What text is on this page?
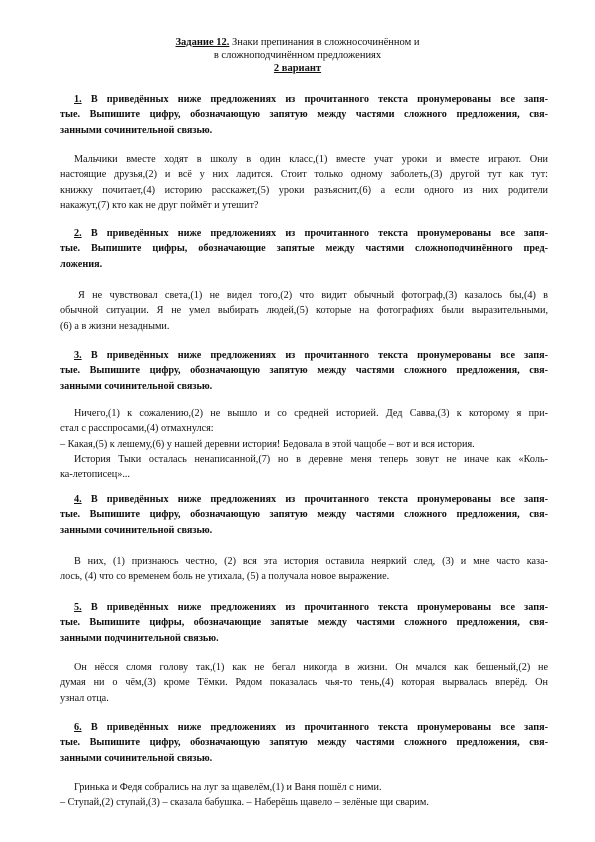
Задание 12. Знаки препинания в сложносочинённом и
в сложноподчинённом предложениях
2 вариант
1. В приведённых ниже предложениях из прочитанного текста пронумерованы все запя-
тые. Выпишите цифру, обозначающую запятую между частями сложного предложения, свя-
занными сочинительной связью.
Мальчики вместе ходят в школу в один класс,(1) вместе учат уроки и вместе играют. Они
настоящие друзья,(2) и всё у них ладится. Стоит только одному заболеть,(3) другой тут как тут:
книжку почитает,(4) историю расскажет,(5) уроки разъяснит,(6) а если одного из них родители
накажут,(7) кто как не друг поймёт и утешит?
2. В приведённых ниже предложениях из прочитанного текста пронумерованы все запя-
тые. Выпишите цифры, обозначающие запятые между частями сложноподчинённого пред-
ложения.
Я не чувствовал света,(1) не видел того,(2) что видит обычный фотограф,(3) казалось бы,(4) в
обычной ситуации. Я не умел выбирать людей,(5) которые на фотографиях были выразительными,
(6) а в жизни незадными.
3. В приведённых ниже предложениях из прочитанного текста пронумерованы все запя-
тые. Выпишите цифру, обозначающую запятую между частями сложного предложения, свя-
занными сочинительной связью.
Ничего,(1) к сожалению,(2) не вышло и со средней историей. Дед Савва,(3) к которому я при-
стал с расспросами,(4) отмахнулся:
– Какая,(5) к лешему,(6) у нашей деревни история! Бедовала в этой чащобе – вот и вся история.
История Тыки осталась ненаписанной,(7) но в деревне меня теперь зовут не иначе как «Коль-
ка-летописец»...
4. В приведённых ниже предложениях из прочитанного текста пронумерованы все запя-
тые. Выпишите цифру, обозначающую запятую между частями сложного предложения, свя-
занными сочинительной связью.
В них, (1) признаюсь честно, (2) вся эта история оставила неяркий след, (3) и мне часто каза-
лось, (4) что со временем боль не утихала, (5) а получала новое выражение.
5. В приведённых ниже предложениях из прочитанного текста пронумерованы все запя-
тые. Выпишите цифры, обозначающие запятые между частями сложного предложения, свя-
занными подчинительной связью.
Он нёсся сломя голову так,(1) как не бегал никогда в жизни. Он мчался как бешеный,(2) не
думая ни о чём,(3) кроме Тёмки. Рядом показалась чья-то тень,(4) которая вырвалась вперёд. Он
узнал отца.
6. В приведённых ниже предложениях из прочитанного текста пронумерованы все запя-
тые. Выпишите цифру, обозначающую запятую между частями сложного предложения, свя-
занными сочинительной связью.
Гринька и Федя собрались на луг за щавелём,(1) и Ваня пошёл с ними.
– Ступай,(2) ступай,(3) – сказала бабушка. – Наберёшь щавело – зелёные щи сварим.
